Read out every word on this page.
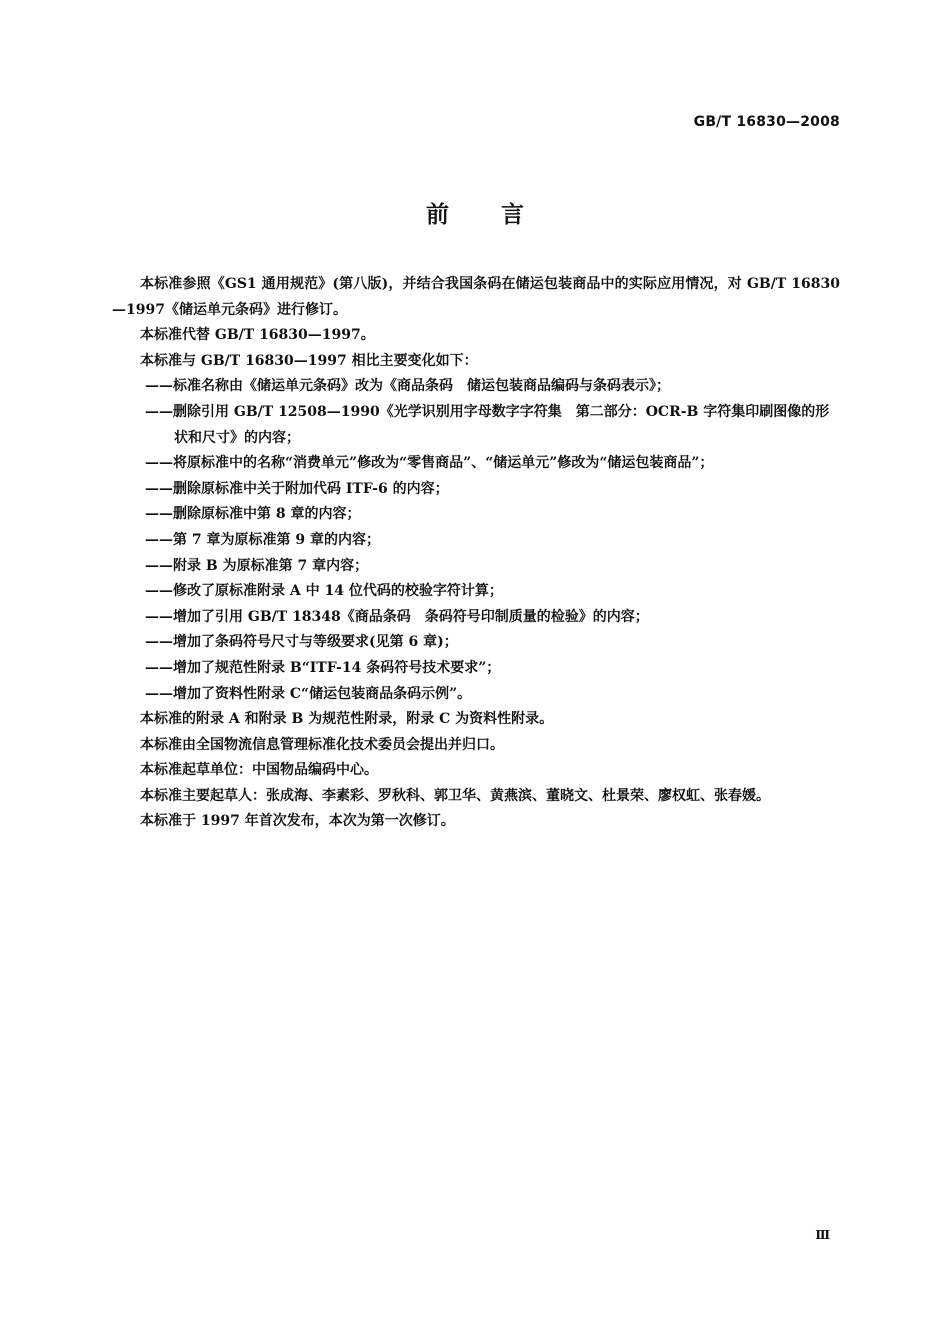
GB/T 16830—2008
前言

本标准参照《GS1 通用规范》(第八版)，并结合我国条码在储运包装商品中的实际应用情况，对 GB/T 16830—1997《储运单元条码》进行修订。

本标准代替 GB/T 16830—1997。

本标准与 GB/T 16830—1997 相比主要变化如下：

——标准名称由《储运单元条码》改为《商品条码　储运包装商品编码与条码表示》；

——删除引用 GB/T 12508—1990《光学识别用字母数字字符集　第二部分：OCR-B 字符集印刷图像的形状和尺寸》的内容；

——将原标准中的名称“消费单元”修改为“零售商品”、“储运单元”修改为“储运包装商品”；

——删除原标准中关于附加代码 ITF-6 的内容；

——删除原标准中第 8 章的内容；

——第 7 章为原标准第 9 章的内容；

——附录 B 为原标准第 7 章内容；

——修改了原标准附录 A 中 14 位代码的校验字符计算；

——增加了引用 GB/T 18348《商品条码　条码符号印制质量的检验》的内容；

——增加了条码符号尺寸与等级要求(见第 6 章)；

——增加了规范性附录 B“ITF-14 条码符号技术要求”；

——增加了资料性附录 C“储运包装商品条码示例”。

本标准的附录 A 和附录 B 为规范性附录，附录 C 为资料性附录。

本标准由全国物流信息管理标准化技术委员会提出并归口。

本标准起草单位：中国物品编码中心。

本标准主要起草人：张成海、李素彩、罗秋科、郭卫华、黄燕滨、董晓文、杜景荣、廖权虹、张春媛。

本标准于 1997 年首次发布，本次为第一次修订。

Ⅲ
